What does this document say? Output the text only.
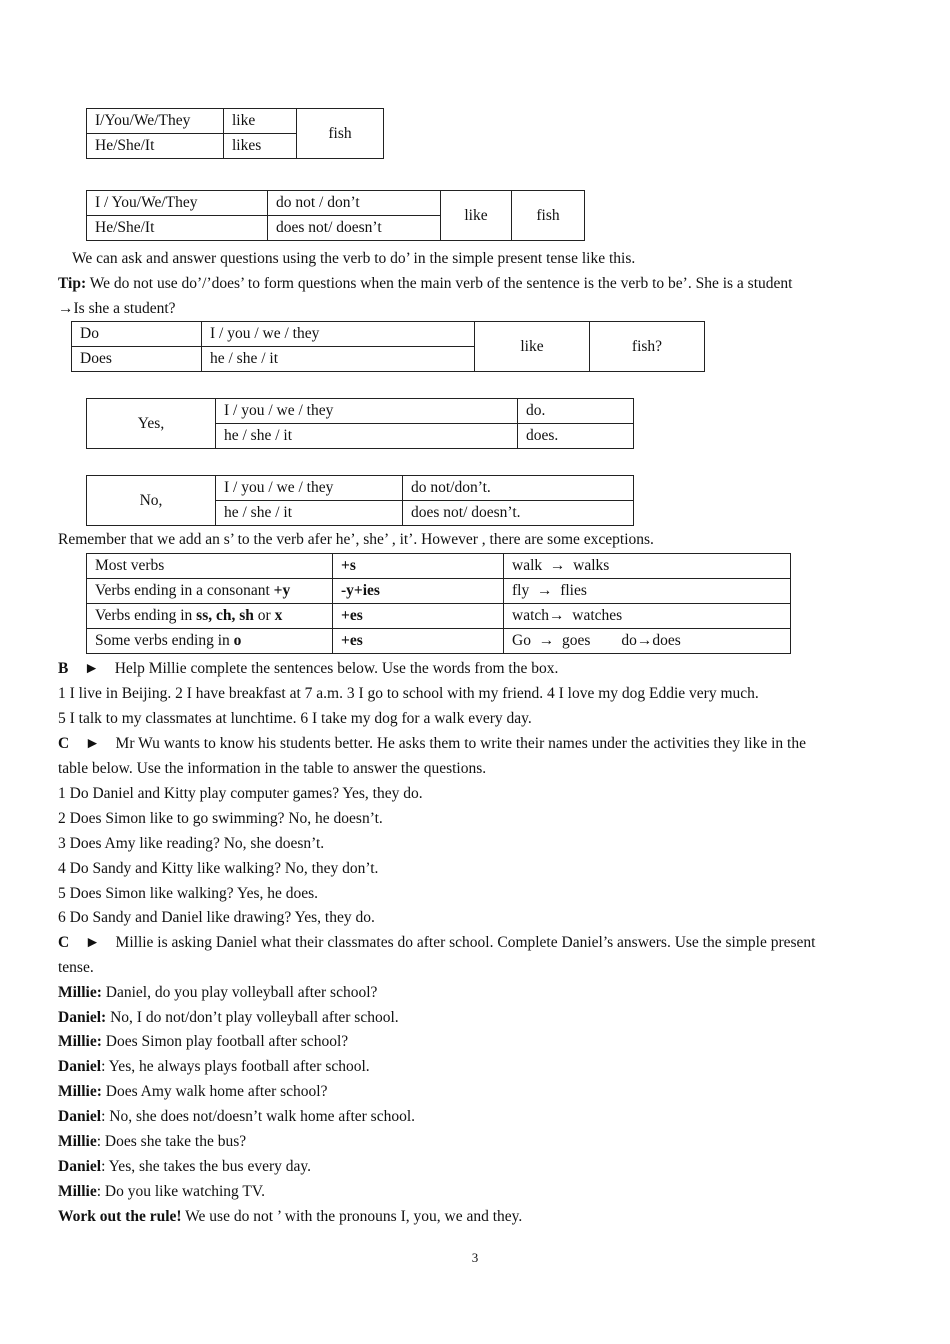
I/You/We/They	like	fish
He/She/It	likes	
I / You/We/They	do not / don’t	like	fish
He/She/It	does not/ doesn’t		
We can ask and answer questions using the verb to do’ in the simple present tense like this.
Tip: We do not use do’/’does’ to form questions when the main verb of the sentence is the verb to be’. She is a student
→Is she a student?
Do	I / you / we / they	like	fish?
Does	he / she / it		
Yes,	I / you / we / they	do.
	he / she / it	does.
No,	I / you / we / they	do not/don’t.
	he / she / it	does not/ doesn’t.
Remember that we add an s’ to the verb afer he’, she’ , it’. However , there are some exceptions.
Most verbs	+s	walk → walks
Verbs ending in a consonant +y	-y+ies	fly → flies
Verbs ending in ss, ch, sh or x	+es	watch→ watches
Some verbs ending in o	+es	Go → goes do→does
B ► Help Millie complete the sentences below. Use the words from the box.
1 I live in Beijing. 2 I have breakfast at 7 a.m. 3 I go to school with my friend. 4 I love my dog Eddie very much.
5 I talk to my classmates at lunchtime. 6 I take my dog for a walk every day.
C ► Mr Wu wants to know his students better. He asks them to write their names under the activities they like in the
table below. Use the information in the table to answer the questions.
1 Do Daniel and Kitty play computer games? Yes, they do.
2 Does Simon like to go swimming? No, he doesn’t.
3 Does Amy like reading? No, she doesn’t.
4 Do Sandy and Kitty like walking? No, they don’t.
5 Does Simon like walking? Yes, he does.
6 Do Sandy and Daniel like drawing? Yes, they do.
C ► Millie is asking Daniel what their classmates do after school. Complete Daniel’s answers. Use the simple present
tense.
Millie: Daniel, do you play volleyball after school?
Daniel: No, I do not/don’t play volleyball after school.
Millie: Does Simon play football after school?
Daniel: Yes, he always plays football after school.
Millie: Does Amy walk home after school?
Daniel: No, she does not/doesn’t walk home after school.
Millie: Does she take the bus?
Daniel: Yes, she takes the bus every day.
Millie: Do you like watching TV.
Work out the rule! We use do not ’ with the pronouns I, you, we and they.
3
